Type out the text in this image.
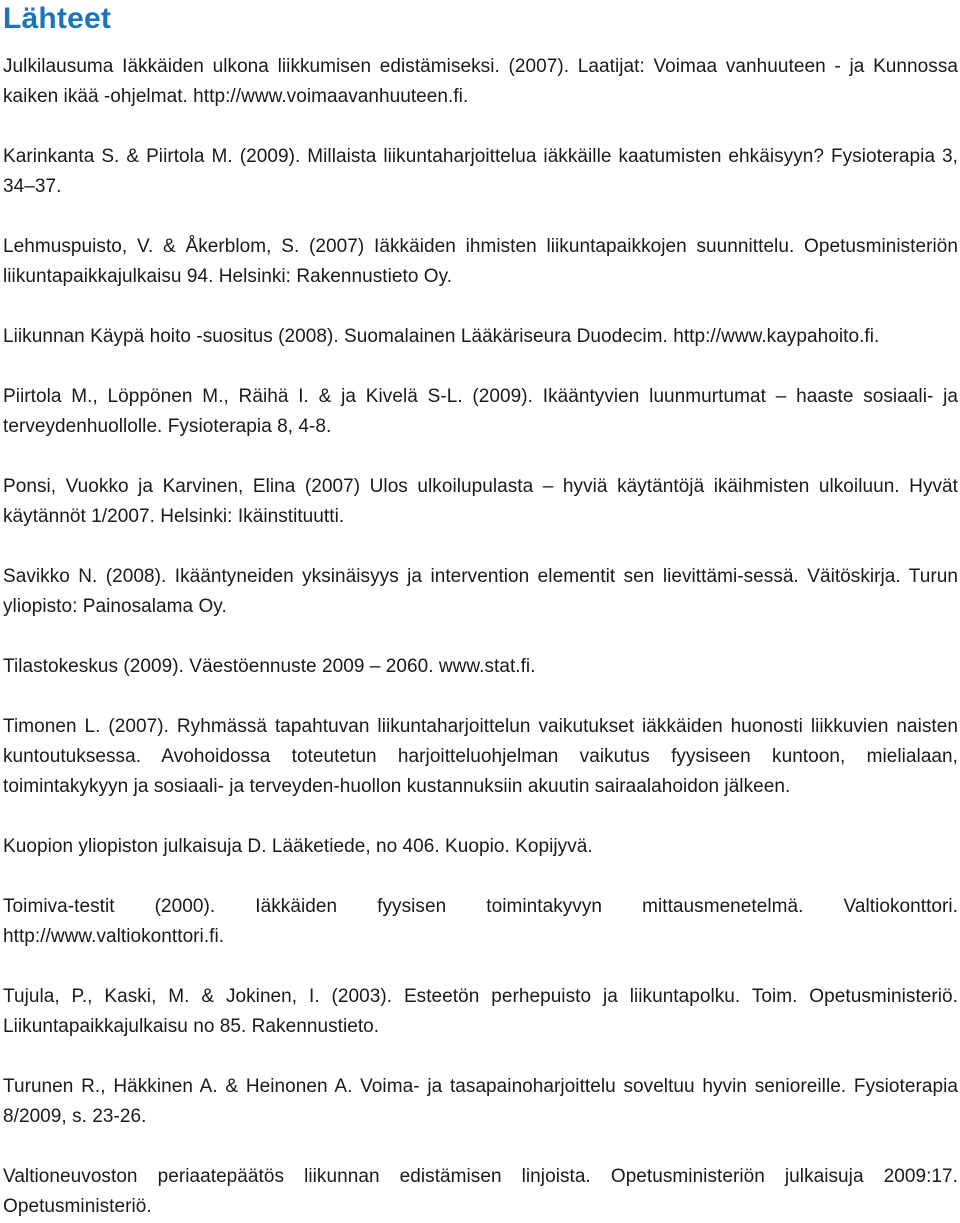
Lähteet

Julkilausuma Iäkkäiden ulkona liikkumisen edistämiseksi. (2007). Laatijat: Voimaa vanhuuteen - ja Kunnossa kaiken ikää -ohjelmat. http://www.voimaavanhuuteen.fi.

Karinkanta S. & Piirtola M. (2009). Millaista liikuntaharjoittelua iäkkäille kaatumisten ehkäisyyn? Fysioterapia 3, 34–37.

Lehmuspuisto, V. & Åkerblom, S. (2007) Iäkkäiden ihmisten liikuntapaikkojen suunnittelu. Opetusministeriön liikuntapaikkajulkaisu 94. Helsinki: Rakennustieto Oy.

Liikunnan Käypä hoito -suositus (2008). Suomalainen Lääkäriseura Duodecim. http://www.kaypahoito.fi.

Piirtola M., Löppönen M., Räihä I. & ja Kivelä S-L. (2009). Ikääntyvien luunmurtumat – haaste sosiaali- ja terveydenhuollolle. Fysioterapia 8, 4-8.

Ponsi, Vuokko ja Karvinen, Elina (2007) Ulos ulkoilupulasta – hyviä käytäntöjä ikäihmisten ulkoiluun. Hyvät käytännöt 1/2007. Helsinki: Ikäinstituutti.

Savikko N. (2008). Ikääntyneiden yksinäisyys ja intervention elementit sen lievittämi-sessä. Väitöskirja. Turun yliopisto: Painosalama Oy.

Tilastokeskus (2009). Väestöennuste 2009 – 2060. www.stat.fi.

Timonen L. (2007). Ryhmässä tapahtuvan liikuntaharjoittelun vaikutukset iäkkäiden huonosti liikkuvien naisten kuntoutuksessa. Avohoidossa toteutetun harjoitteluohjelman vaikutus fyysiseen kuntoon, mielialaan, toimintakykyyn ja sosiaali- ja terveyden-huollon kustannuksiin akuutin sairaalahoidon jälkeen.

Kuopion yliopiston julkaisuja D. Lääketiede, no 406. Kuopio. Kopijyvä.

Toimiva-testit (2000). Iäkkäiden fyysisen toimintakyvyn mittausmenetelmä. Valtiokonttori. http://www.valtiokonttori.fi.

Tujula, P., Kaski, M. & Jokinen, I. (2003). Esteetön perhepuisto ja liikuntapolku. Toim. Opetusministeriö. Liikuntapaikkajulkaisu no 85. Rakennustieto.

Turunen R., Häkkinen A. & Heinonen A. Voima- ja tasapainoharjoittelu soveltuu hyvin senioreille. Fysioterapia 8/2009, s. 23-26.

Valtioneuvoston periaatepäätös liikunnan edistämisen linjoista. Opetusministeriön julkaisuja 2009:17. Opetusministeriö.
